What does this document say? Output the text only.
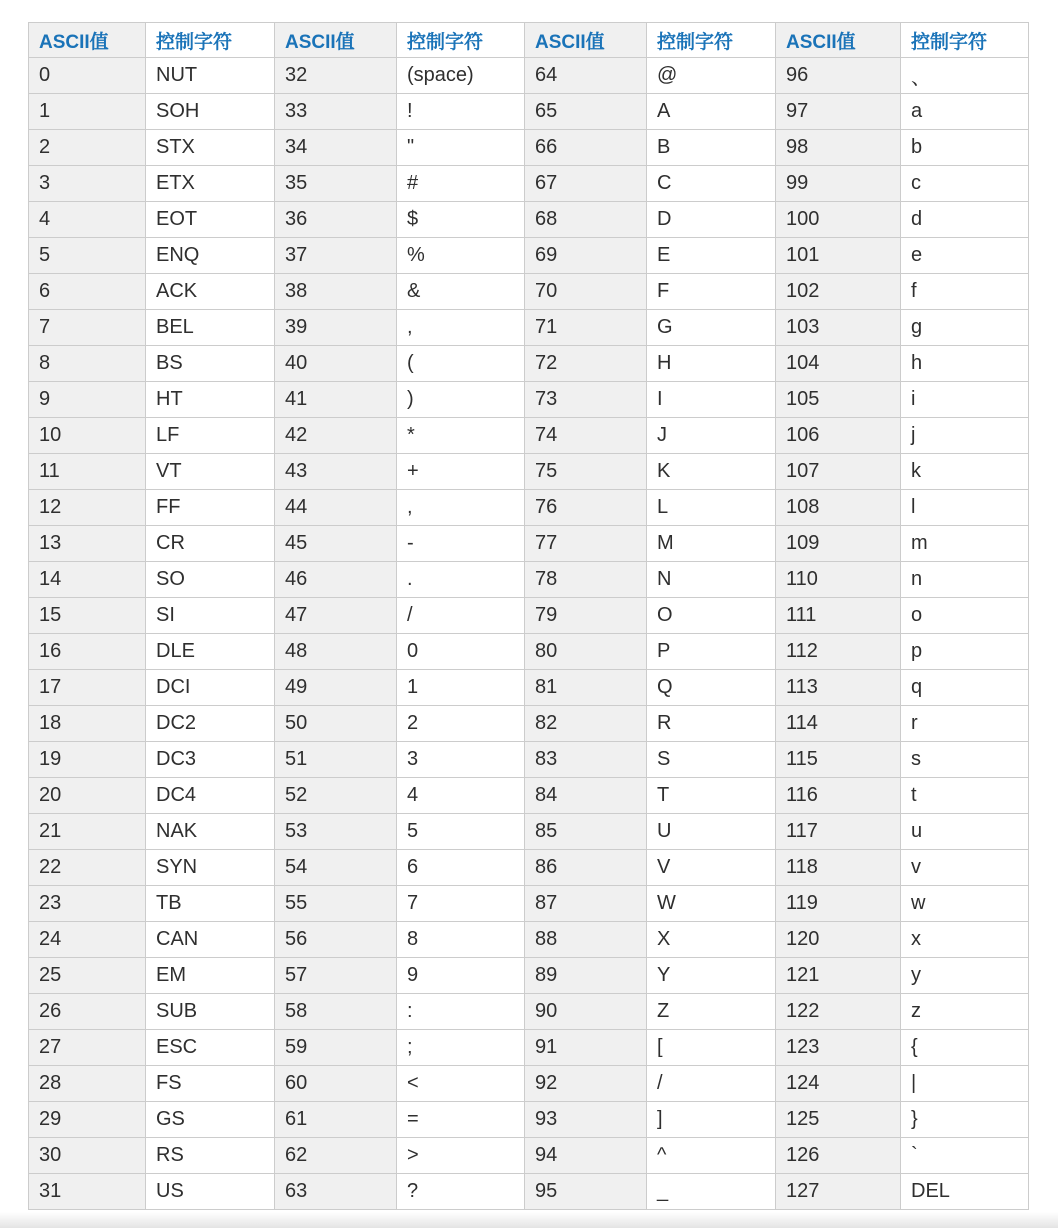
ASCII值	控制字符	ASCII值	控制字符	ASCII值	控制字符	ASCII值	控制字符
0	NUT	32	(space)	64	@	96	、
1	SOH	33	!	65	A	97	a
2	STX	34	"	66	B	98	b
3	ETX	35	#	67	C	99	c
4	EOT	36	$	68	D	100	d
5	ENQ	37	%	69	E	101	e
6	ACK	38	&	70	F	102	f
7	BEL	39	,	71	G	103	g
8	BS	40	(	72	H	104	h
9	HT	41	)	73	I	105	i
10	LF	42	*	74	J	106	j
11	VT	43	+	75	K	107	k
12	FF	44	,	76	L	108	l
13	CR	45	-	77	M	109	m
14	SO	46	.	78	N	110	n
15	SI	47	/	79	O	111	o
16	DLE	48	0	80	P	112	p
17	DCI	49	1	81	Q	113	q
18	DC2	50	2	82	R	114	r
19	DC3	51	3	83	S	115	s
20	DC4	52	4	84	T	116	t
21	NAK	53	5	85	U	117	u
22	SYN	54	6	86	V	118	v
23	TB	55	7	87	W	119	w
24	CAN	56	8	88	X	120	x
25	EM	57	9	89	Y	121	y
26	SUB	58	:	90	Z	122	z
27	ESC	59	;	91	[	123	{
28	FS	60	<	92	/	124	|
29	GS	61	=	93	]	125	}
30	RS	62	>	94	^	126	`
31	US	63	?	95	_	127	DEL
